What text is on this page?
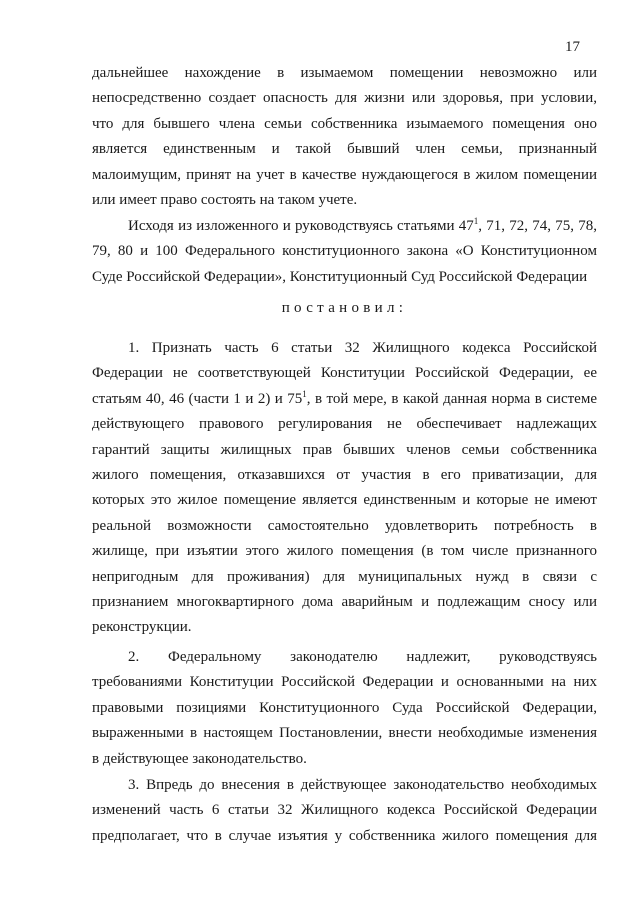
17
дальнейшее нахождение в изымаемом помещении невозможно или
непосредственно создает опасность для жизни или здоровья, при условии,
что для бывшего члена семьи собственника изымаемого помещения оно
является единственным и такой бывший член семьи, признанный
малоимущим, принят на учет в качестве нуждающегося в жилом помещении
или имеет право состоять на таком учете.
Исходя из изложенного и руководствуясь статьями $47^1$, 71, 72, 74, 75, 78,
79, 80 и 100 Федерального конституционного закона «О Конституционном
Суде Российской Федерации», Конституционный Суд Российской Федерации
постановил:
1. Признать часть 6 статьи 32 Жилищного кодекса Российской
Федерации не соответствующей Конституции Российской Федерации, ее
статьям 40, 46 (части 1 и 2) и $75^1$, в той мере, в какой данная норма в системе
действующего правового регулирования не обеспечивает надлежащих
гарантий защиты жилищных прав бывших членов семьи собственника
жилого помещения, отказавшихся от участия в его приватизации, для
которых это жилое помещение является единственным и которые не имеют
реальной возможности самостоятельно удовлетворить потребность в
жилище, при изъятии этого жилого помещения (в том числе признанного
непригодным для проживания) для муниципальных нужд в связи с
признанием многоквартирного дома аварийным и подлежащим сносу или
реконструкции.
2. Федеральному законодателю надлежит, руководствуясь
требованиями Конституции Российской Федерации и основанными на них
правовыми позициями Конституционного Суда Российской Федерации,
выраженными в настоящем Постановлении, внести необходимые изменения
в действующее законодательство.
3. Впредь до внесения в действующее законодательство необходимых
изменений часть 6 статьи 32 Жилищного кодекса Российской Федерации
предполагает, что в случае изъятия у собственника жилого помещения для
